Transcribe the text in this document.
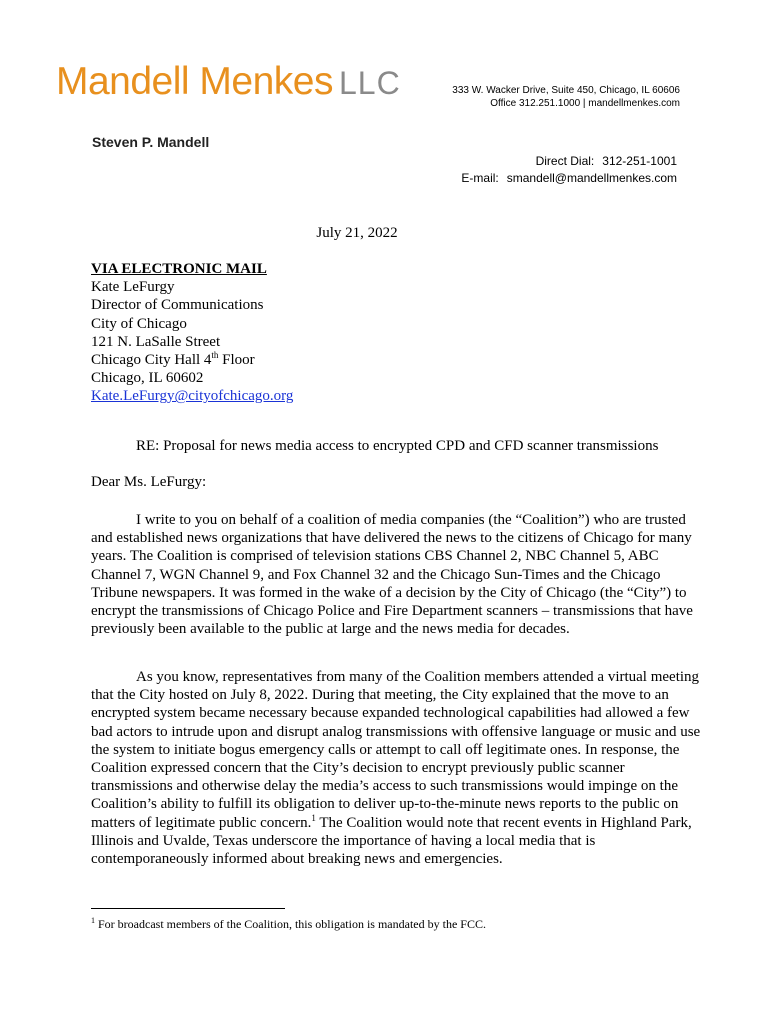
Mandell Menkes LLC	333 W. Wacker Drive, Suite 450, Chicago, IL 60606
Office 312.251.1000 | mandellmenkes.com
Steven P. Mandell
Direct Dial: 312-251-1001
E-mail: smandell@mandellmenkes.com
July 21, 2022
VIA ELECTRONIC MAIL
Kate LeFurgy
Director of Communications
City of Chicago
121 N. LaSalle Street
Chicago City Hall 4th Floor
Chicago, IL 60602
Kate.LeFurgy@cityofchicago.org
RE: Proposal for news media access to encrypted CPD and CFD scanner transmissions
Dear Ms. LeFurgy:

I write to you on behalf of a coalition of media companies (the “Coalition”) who are trusted and established news organizations that have delivered the news to the citizens of Chicago for many years. The Coalition is comprised of television stations CBS Channel 2, NBC Channel 5, ABC Channel 7, WGN Channel 9, and Fox Channel 32 and the Chicago Sun-Times and the Chicago Tribune newspapers. It was formed in the wake of a decision by the City of Chicago (the “City”) to encrypt the transmissions of Chicago Police and Fire Department scanners – transmissions that have previously been available to the public at large and the news media for decades.

As you know, representatives from many of the Coalition members attended a virtual meeting that the City hosted on July 8, 2022. During that meeting, the City explained that the move to an encrypted system became necessary because expanded technological capabilities had allowed a few bad actors to intrude upon and disrupt analog transmissions with offensive language or music and use the system to initiate bogus emergency calls or attempt to call off legitimate ones. In response, the Coalition expressed concern that the City’s decision to encrypt previously public scanner transmissions and otherwise delay the media’s access to such transmissions would impinge on the Coalition’s ability to fulfill its obligation to deliver up-to-the-minute news reports to the public on matters of legitimate public concern.$^1$ The Coalition would note that recent events in Highland Park, Illinois and Uvalde, Texas underscore the importance of having a local media that is contemporaneously informed about breaking news and emergencies.

$^1$ For broadcast members of the Coalition, this obligation is mandated by the FCC.
